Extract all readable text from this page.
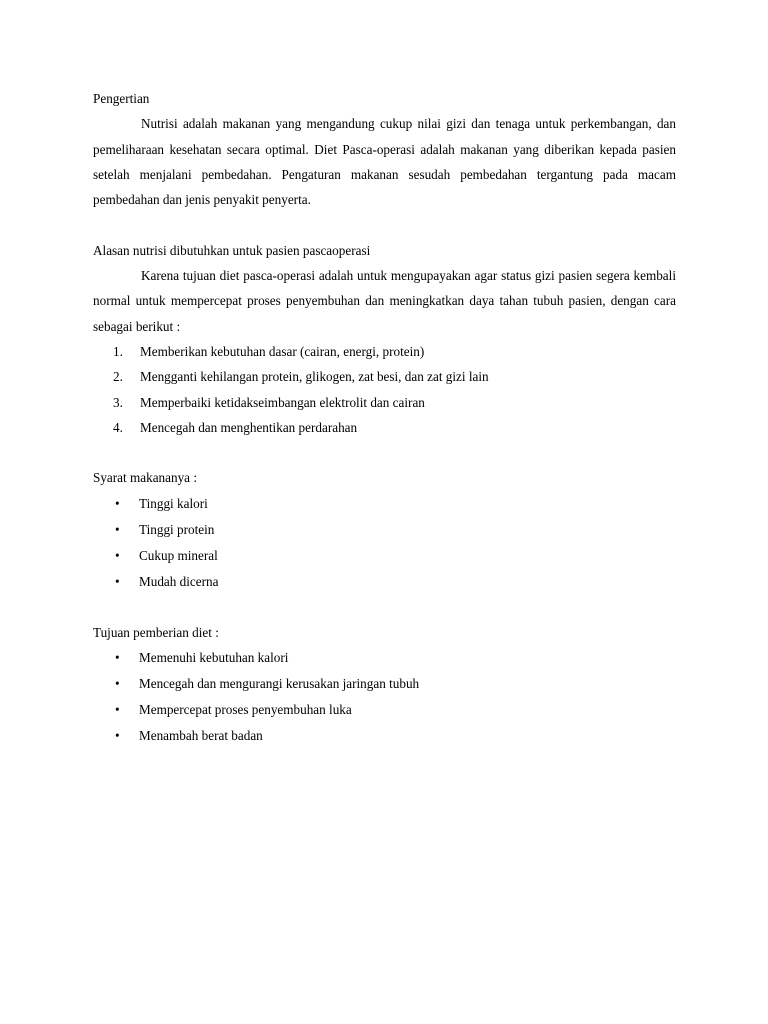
Pengertian

Nutrisi adalah makanan yang mengandung cukup nilai gizi dan tenaga untuk perkembangan, dan pemeliharaan kesehatan secara optimal. Diet Pasca-operasi adalah makanan yang diberikan kepada pasien setelah menjalani pembedahan. Pengaturan makanan sesudah pembedahan tergantung pada macam pembedahan dan jenis penyakit penyerta.

Alasan nutrisi dibutuhkan untuk pasien pascaoperasi

Karena tujuan diet pasca-operasi adalah untuk mengupayakan agar status gizi pasien segera kembali normal untuk mempercepat proses penyembuhan dan meningkatkan daya tahan tubuh pasien, dengan cara sebagai berikut :

1.	Memberikan kebutuhan dasar (cairan, energi, protein)
2.	Mengganti kehilangan protein, glikogen, zat besi, dan zat gizi lain
3.	Memperbaiki ketidakseimbangan elektrolit dan cairan
4.	Mencegah dan menghentikan perdarahan

Syarat makananya :

•	Tinggi kalori
•	Tinggi protein
•	Cukup mineral
•	Mudah dicerna

Tujuan pemberian diet :

•	Memenuhi kebutuhan kalori
•	Mencegah dan mengurangi kerusakan jaringan tubuh
•	Mempercepat proses penyembuhan luka
•	Menambah berat badan
